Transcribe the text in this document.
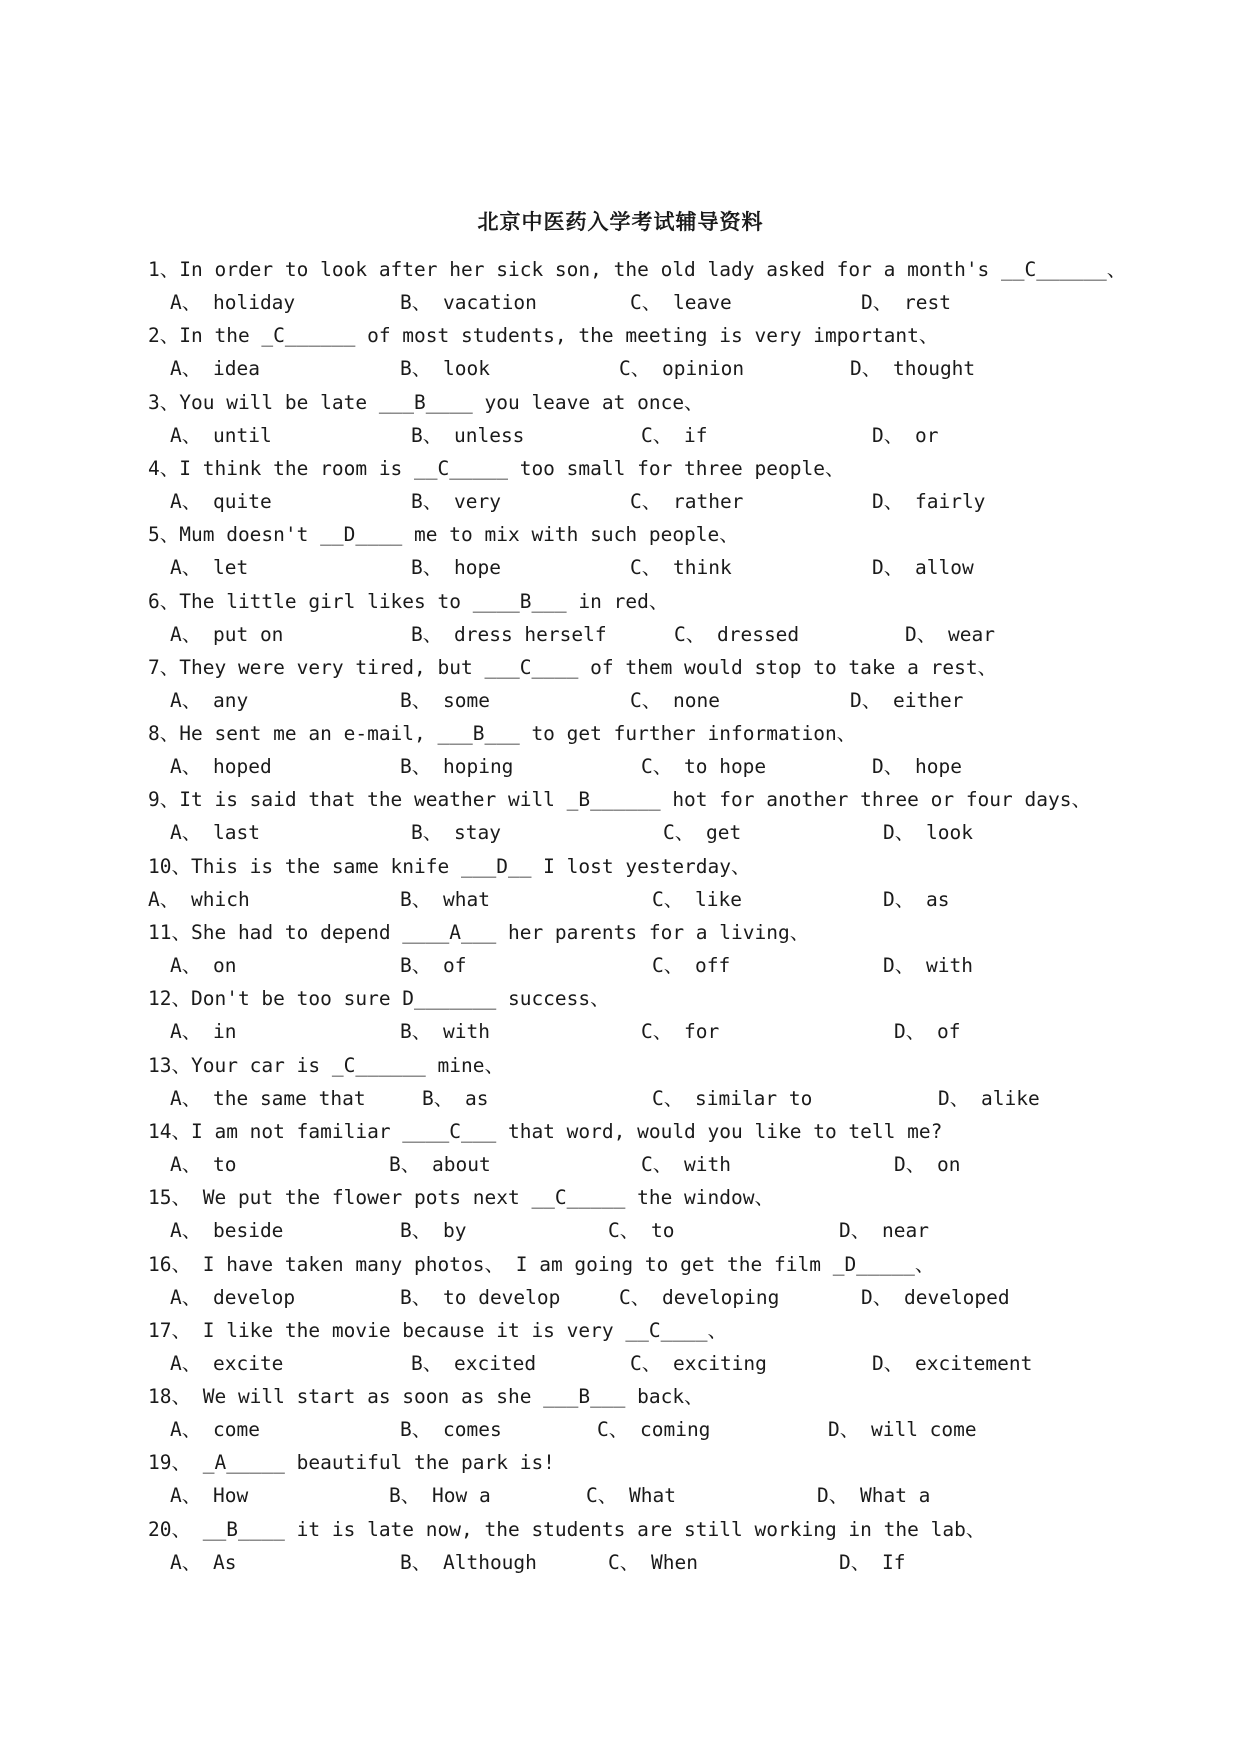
北京中医药入学考试辅导资料
1、In order to look after her sick son, the old lady asked for a month's __C______、
A、 holiday	B、 vacation	C、 leave	D、 rest
2、In the _C______ of most students, the meeting is very important、
A、 idea	B、 look	C、 opinion	D、 thought
3、You will be late ___B____ you leave at once、
A、 until	B、 unless	C、 if	D、 or
4、I think the room is __C_____ too small for three people、
A、 quite	B、 very	C、 rather	D、 fairly
5、Mum doesn't __D____ me to mix with such people、
A、 let	B、 hope	C、 think	D、 allow
6、The little girl likes to ____B___ in red、
A、 put on	B、 dress herself	C、 dressed	D、 wear
7、They were very tired, but ___C____ of them would stop to take a rest、
A、 any	B、 some	C、 none	D、 either
8、He sent me an e-mail, ___B___ to get further information、
A、 hoped	B、 hoping	C、 to hope	D、 hope
9、It is said that the weather will _B______ hot for another three or four days、
A、 last	B、 stay	C、 get	D、 look
10、This is the same knife ___D__ I lost yesterday、
A、 which	B、 what	C、 like	D、 as
11、She had to depend ____A___ her parents for a living、
A、 on	B、 of	C、 off	D、 with
12、Don't be too sure D_______ success、
A、 in	B、 with	C、 for	D、 of
13、Your car is _C______ mine、
A、 the same that	B、 as	C、 similar to	D、 alike
14、I am not familiar ____C___ that word, would you like to tell me?
A、 to	B、 about	C、 with	D、 on
15、 We put the flower pots next __C_____ the window、
A、 beside	B、 by	C、 to	D、 near
16、 I have taken many photos、 I am going to get the film _D_____、
A、 develop	B、 to develop	C、 developing	D、 developed
17、 I like the movie because it is very __C____、
A、 excite	B、 excited	C、 exciting	D、 excitement
18、 We will start as soon as she ___B___ back、
A、 come	B、 comes	C、 coming	D、 will come
19、 _A_____ beautiful the park is!
A、 How	B、 How a	C、 What	D、 What a
20、 __B____ it is late now, the students are still working in the lab、
A、 As	B、 Although	C、 When	D、 If
